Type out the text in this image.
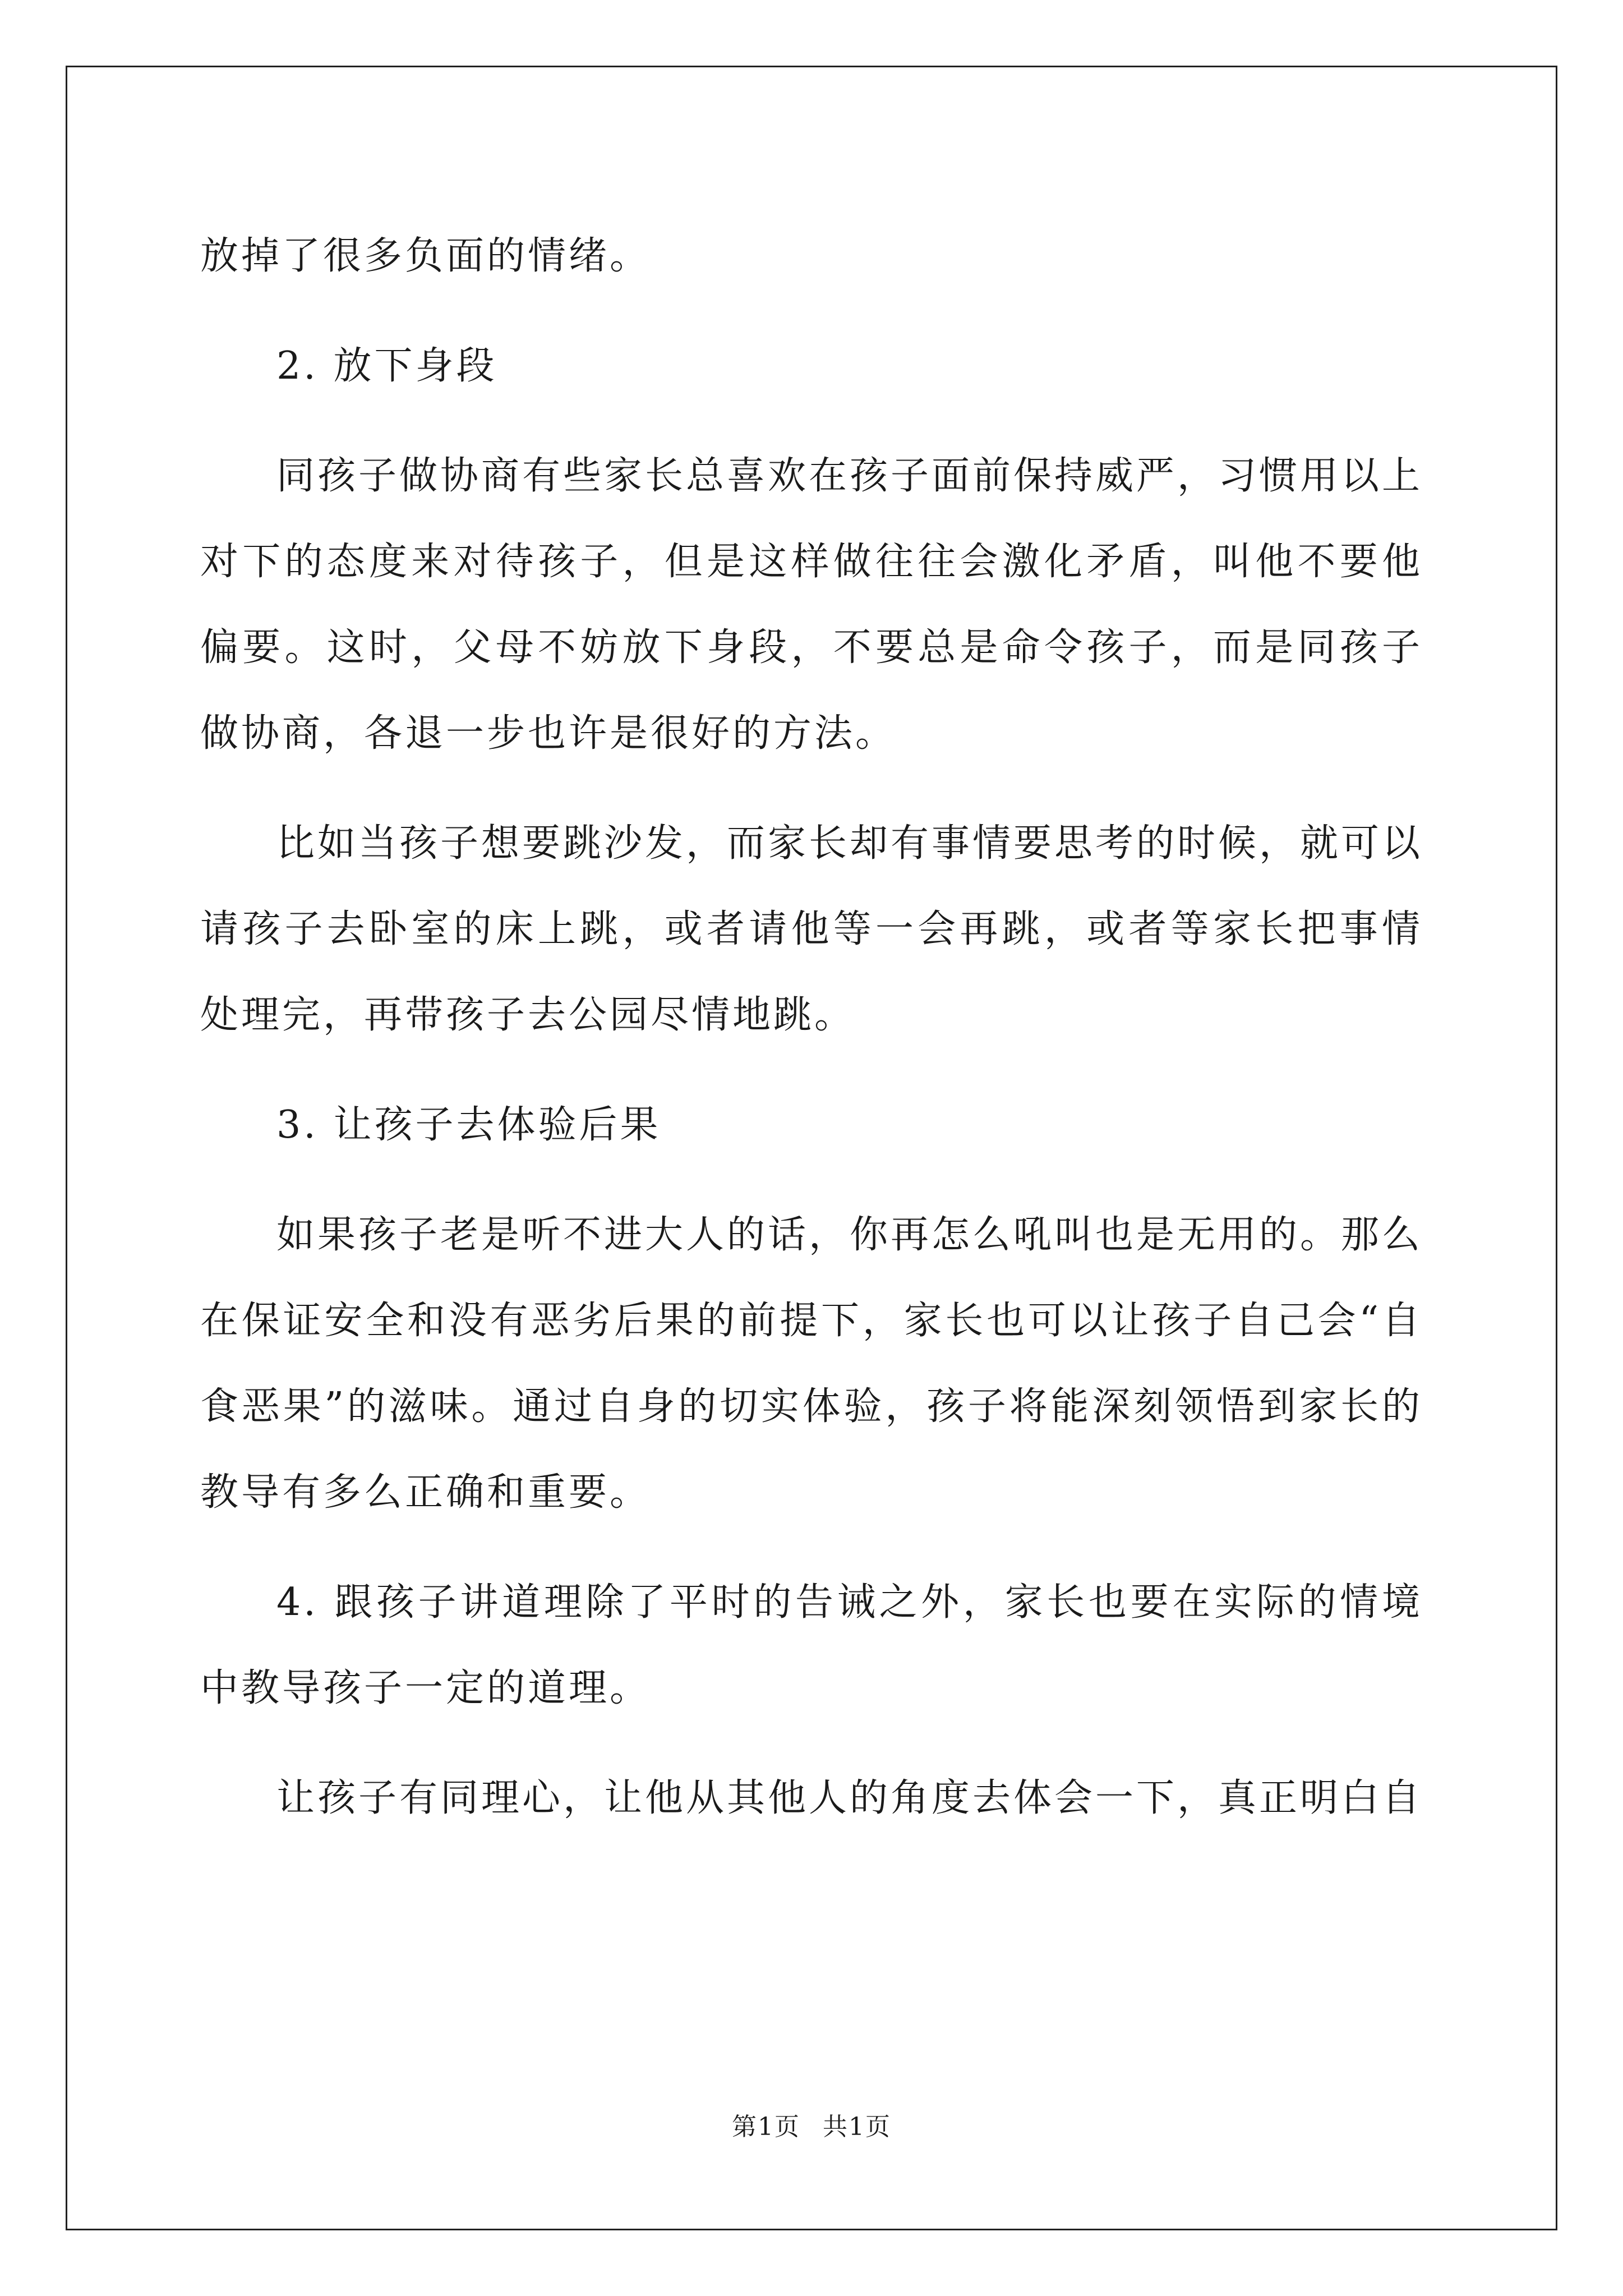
放掉了很多负面的情绪。

2. 放下身段

同孩子做协商有些家长总喜欢在孩子面前保持威严，习惯用以上对下的态度来对待孩子，但是这样做往往会激化矛盾，叫他不要他偏要。这时，父母不妨放下身段，不要总是命令孩子，而是同孩子做协商，各退一步也许是很好的方法。

比如当孩子想要跳沙发，而家长却有事情要思考的时候，就可以请孩子去卧室的床上跳，或者请他等一会再跳，或者等家长把事情处理完，再带孩子去公园尽情地跳。

3. 让孩子去体验后果

如果孩子老是听不进大人的话，你再怎么吼叫也是无用的。那么在保证安全和没有恶劣后果的前提下，家长也可以让孩子自己会“自食恶果”的滋味。通过自身的切实体验，孩子将能深刻领悟到家长的教导有多么正确和重要。

4. 跟孩子讲道理除了平时的告诫之外，家长也要在实际的情境中教导孩子一定的道理。

让孩子有同理心，让他从其他人的角度去体会一下，真正明白自

第1页 共1页
